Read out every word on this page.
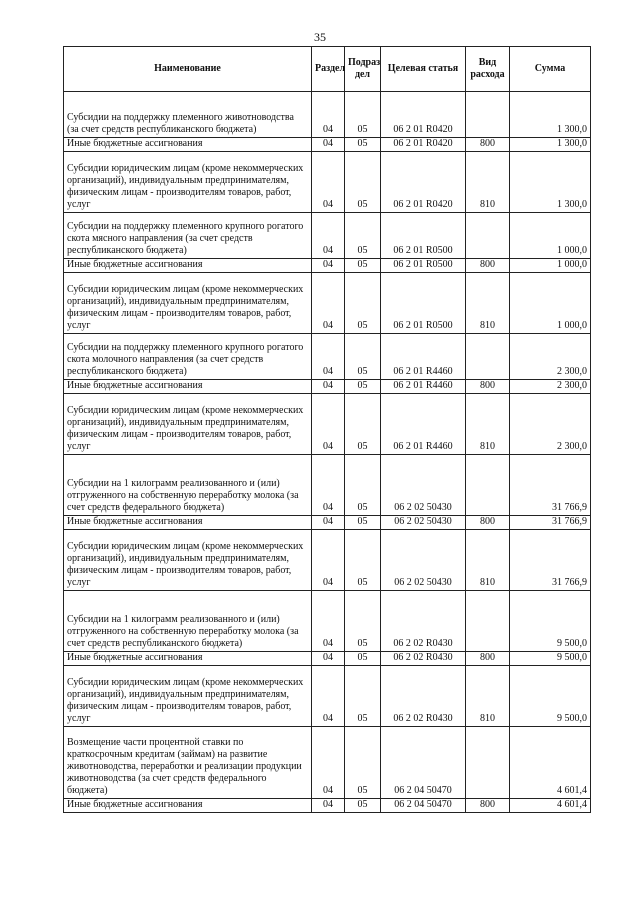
35
Наименование	Раздел	Подраз дел	Целевая статья	Вид расхода	Сумма
Субсидии на поддержку племенного животноводства (за счет средств республиканского бюджета)	04	05	06 2 01 R0420		1 300,0
Иные бюджетные ассигнования	04	05	06 2 01 R0420	800	1 300,0
Субсидии юридическим лицам (кроме некоммерческих организаций), индивидуальным предпринимателям, физическим лицам - производителям товаров, работ, услуг	04	05	06 2 01 R0420	810	1 300,0
Субсидии на поддержку племенного крупного рогатого скота мясного направления (за счет средств республиканского бюджета)	04	05	06 2 01 R0500		1 000,0
Иные бюджетные ассигнования	04	05	06 2 01 R0500	800	1 000,0
Субсидии юридическим лицам (кроме некоммерческих организаций), индивидуальным предпринимателям, физическим лицам - производителям товаров, работ, услуг	04	05	06 2 01 R0500	810	1 000,0
Субсидии на поддержку племенного крупного рогатого скота молочного направления (за счет средств республиканского бюджета)	04	05	06 2 01 R4460		2 300,0
Иные бюджетные ассигнования	04	05	06 2 01 R4460	800	2 300,0
Субсидии юридическим лицам (кроме некоммерческих организаций), индивидуальным предпринимателям, физическим лицам - производителям товаров, работ, услуг	04	05	06 2 01 R4460	810	2 300,0
Субсидии на 1 килограмм реализованного и (или) отгруженного на собственную переработку молока (за счет средств федерального бюджета)	04	05	06 2 02 50430		31 766,9
Иные бюджетные ассигнования	04	05	06 2 02 50430	800	31 766,9
Субсидии юридическим лицам (кроме некоммерческих организаций), индивидуальным предпринимателям, физическим лицам - производителям товаров, работ, услуг	04	05	06 2 02 50430	810	31 766,9
Субсидии на 1 килограмм реализованного и (или) отгруженного на собственную переработку молока (за счет средств республиканского бюджета)	04	05	06 2 02 R0430		9 500,0
Иные бюджетные ассигнования	04	05	06 2 02 R0430	800	9 500,0
Субсидии юридическим лицам (кроме некоммерческих организаций), индивидуальным предпринимателям, физическим лицам - производителям товаров, работ, услуг	04	05	06 2 02 R0430	810	9 500,0
Возмещение части процентной ставки по краткосрочным кредитам (займам) на развитие животноводства, переработки и реализации продукции животноводства (за счет средств федерального бюджета)	04	05	06 2 04 50470		4 601,4
Иные бюджетные ассигнования	04	05	06 2 04 50470	800	4 601,4
